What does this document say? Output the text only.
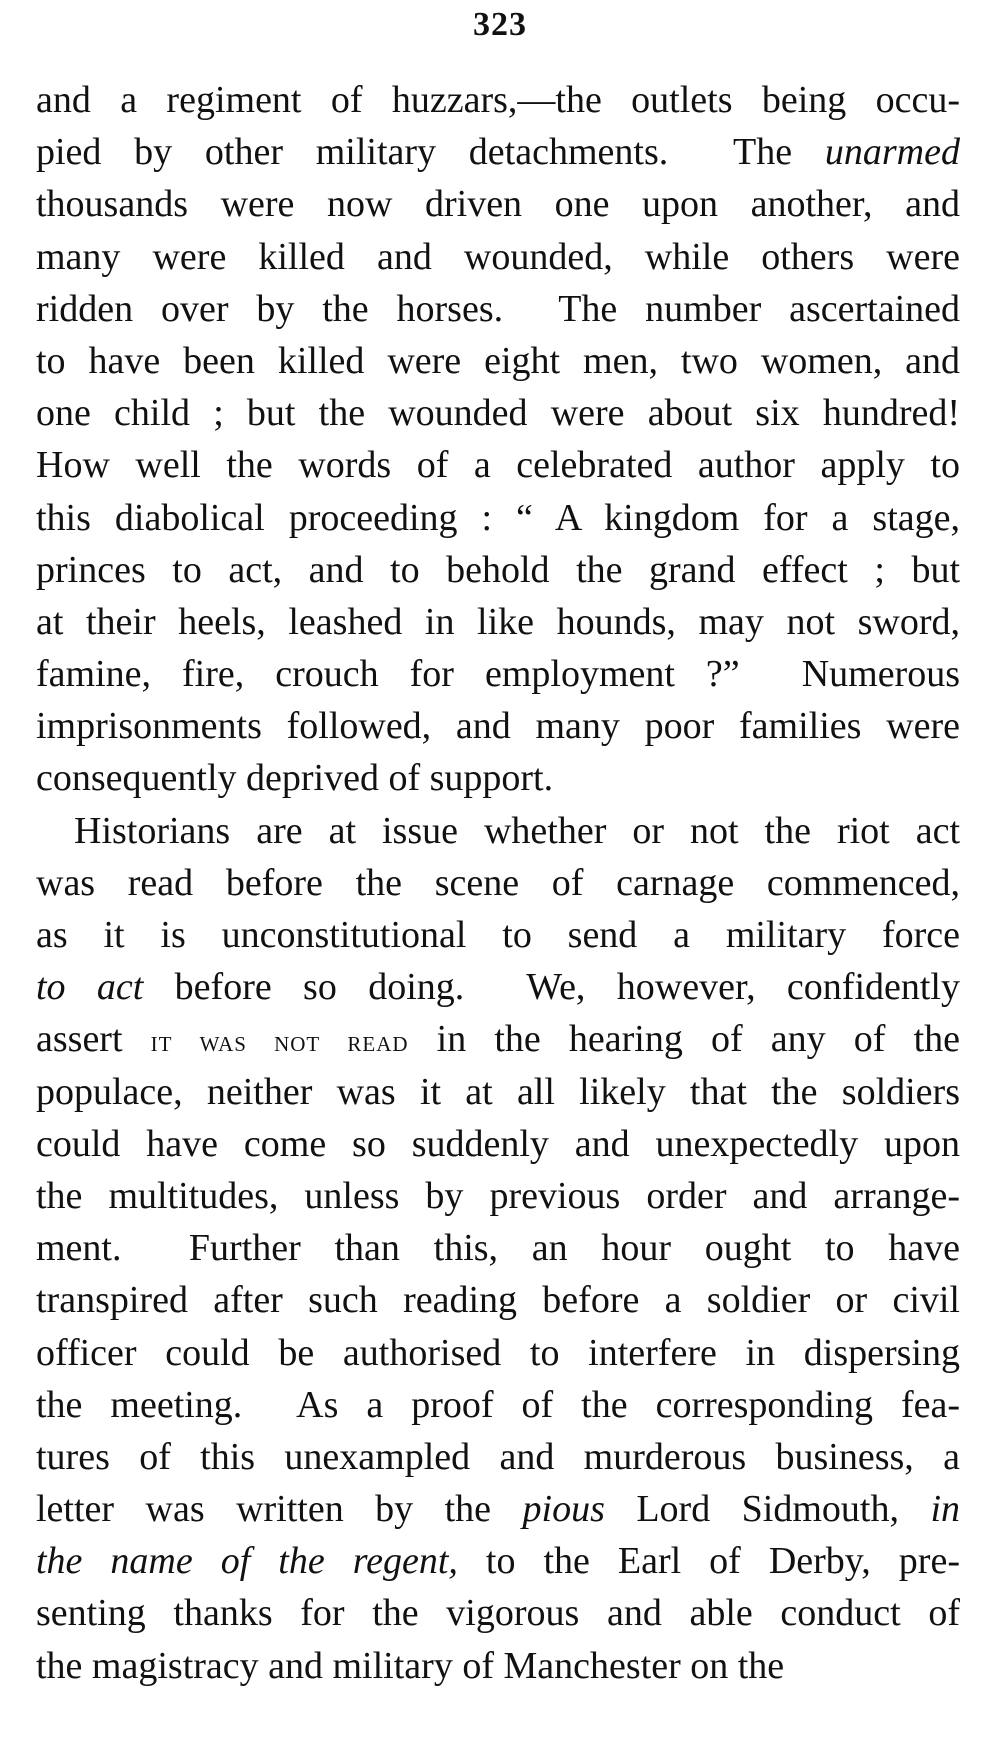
323
and a regiment of huzzars,—the outlets being occu-
pied by other military detachments.  The unarmed
thousands were now driven one upon another, and
many were killed and wounded, while others were
ridden over by the horses.  The number ascertained
to have been killed were eight men, two women, and
one child ; but the wounded were about six hundred!
How well the words of a celebrated author apply to
this diabolical proceeding : “ A kingdom for a stage,
princes to act, and to behold the grand effect ; but
at their heels, leashed in like hounds, may not sword,
famine, fire, crouch for employment ?”  Numerous
imprisonments followed, and many poor families were
consequently deprived of support.
Historians are at issue whether or not the riot act
was read before the scene of carnage commenced,
as it is unconstitutional to send a military force
to act before so doing.  We, however, confidently
assert it was not read in the hearing of any of the
populace, neither was it at all likely that the soldiers
could have come so suddenly and unexpectedly upon
the multitudes, unless by previous order and arrange-
ment.  Further than this, an hour ought to have
transpired after such reading before a soldier or civil
officer could be authorised to interfere in dispersing
the meeting.  As a proof of the corresponding fea-
tures of this unexampled and murderous business, a
letter was written by the pious Lord Sidmouth, in
the name of the regent, to the Earl of Derby, pre-
senting thanks for the vigorous and able conduct of
the magistracy and military of Manchester on the
